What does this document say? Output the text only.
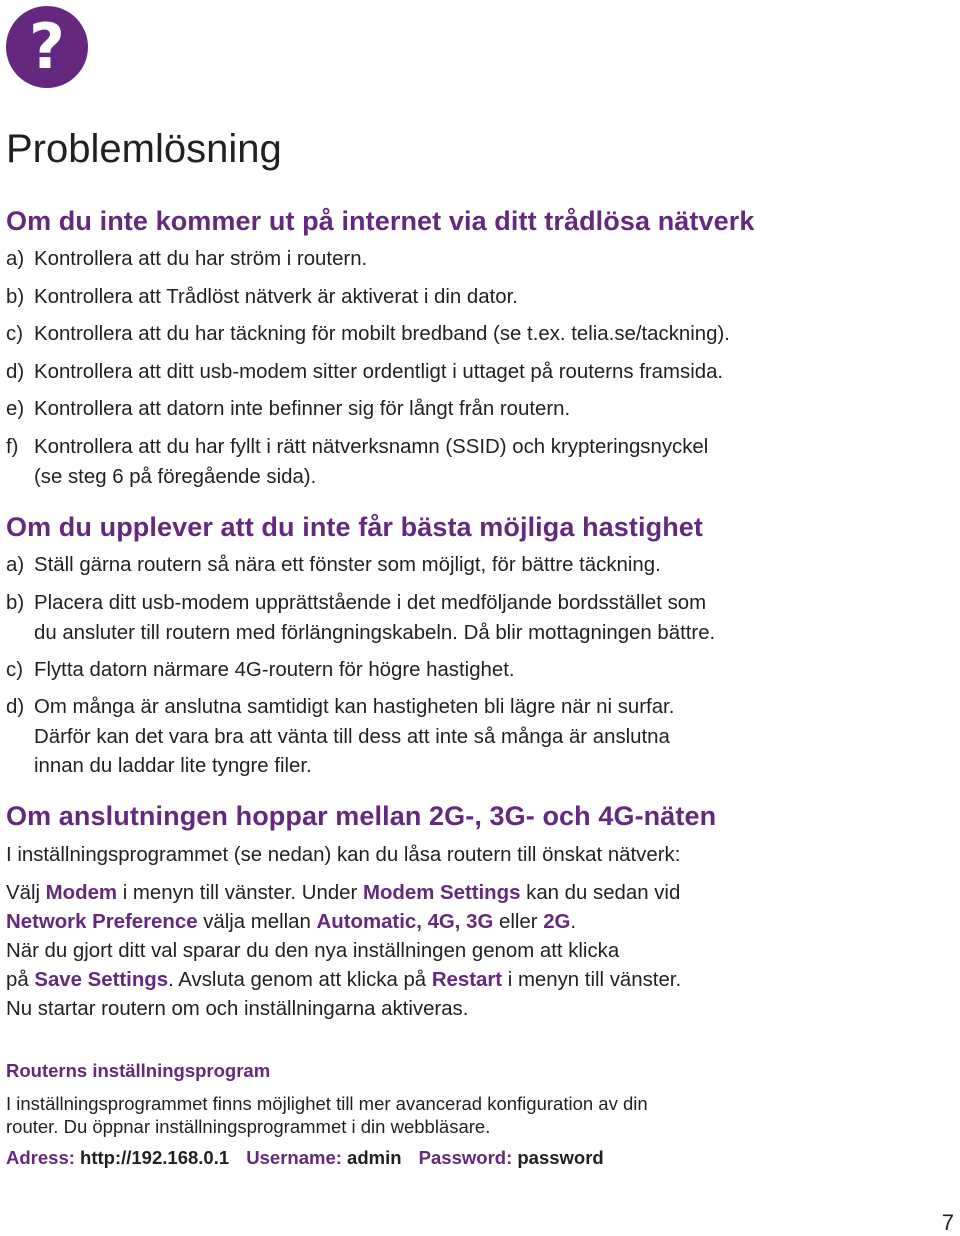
?
Problemlösning
Om du inte kommer ut på internet via ditt trådlösa nätverk
a) Kontrollera att du har ström i routern.
b) Kontrollera att Trådlöst nätverk är aktiverat i din dator.
c) Kontrollera att du har täckning för mobilt bredband (se t.ex. telia.se/tackning).
d) Kontrollera att ditt usb-modem sitter ordentligt i uttaget på routerns framsida.
e) Kontrollera att datorn inte befinner sig för långt från routern.
f) Kontrollera att du har fyllt i rätt nätverksnamn (SSID) och krypteringsnyckel
(se steg 6 på föregående sida).
Om du upplever att du inte får bästa möjliga hastighet
a) Ställ gärna routern så nära ett fönster som möjligt, för bättre täckning.
b) Placera ditt usb-modem upprättstående i det medföljande bordsstället som
du ansluter till routern med förlängningskabeln. Då blir mottagningen bättre.
c) Flytta datorn närmare 4G-routern för högre hastighet.
d) Om många är anslutna samtidigt kan hastigheten bli lägre när ni surfar.
Därför kan det vara bra att vänta till dess att inte så många är anslutna
innan du laddar lite tyngre filer.
Om anslutningen hoppar mellan 2G-, 3G- och 4G-näten
I inställningsprogrammet (se nedan) kan du låsa routern till önskat nätverk:
Välj Modem i menyn till vänster. Under Modem Settings kan du sedan vid
Network Preference välja mellan Automatic, 4G, 3G eller 2G.
När du gjort ditt val sparar du den nya inställningen genom att klicka
på Save Settings. Avsluta genom att klicka på Restart i menyn till vänster.
Nu startar routern om och inställningarna aktiveras.
Routerns inställningsprogram
I inställningsprogrammet finns möjlighet till mer avancerad konfiguration av din
router. Du öppnar inställningsprogrammet i din webbläsare.
Adress: http://192.168.0.1 Username: admin Password: password
7
